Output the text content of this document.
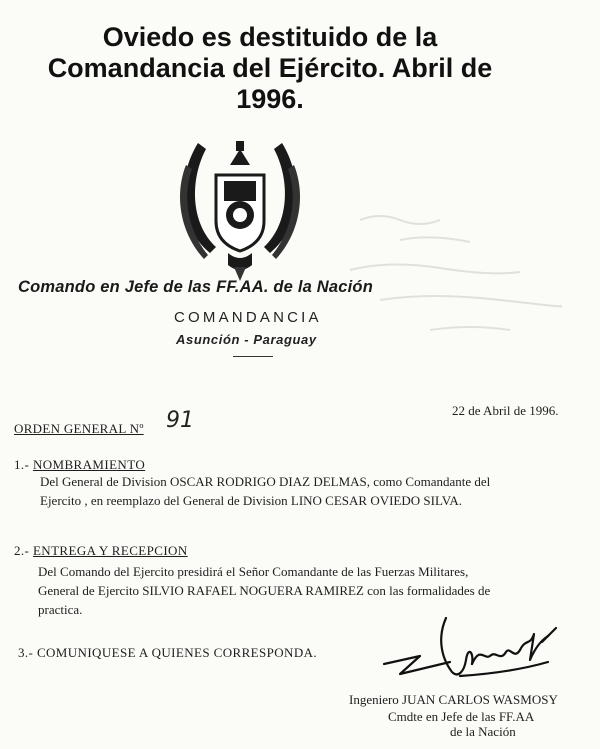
Oviedo es destituido de la
Comandancia del Ejército. Abril de
1996.
Comando en Jefe de las FF.AA. de la Nación
COMANDANCIA
Asunción - Paraguay
22 de Abril de 1996.
ORDEN GENERAL Nº 91
1.- NOMBRAMIENTO
Del General de Division OSCAR RODRIGO DIAZ DELMAS, como Comandante del
Ejercito , en reemplazo del General de Division LINO CESAR OVIEDO SILVA.
2.- ENTREGA Y RECEPCION
Del Comando del Ejercito presidirá el Señor Comandante de las Fuerzas Militares,
General de Ejercito SILVIO RAFAEL NOGUERA RAMIREZ con las formalidades de
practica.
3.- COMUNIQUESE A QUIENES CORRESPONDA.
Ingeniero JUAN CARLOS WASMOSY
Cmdte en Jefe de las FF.AA
de la Nación
